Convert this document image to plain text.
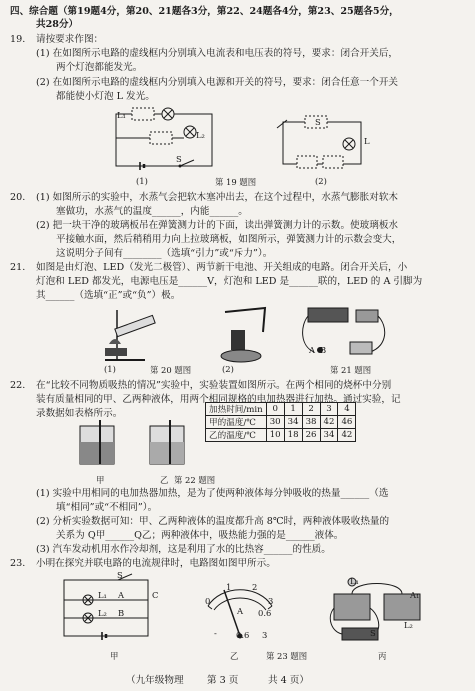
四、综合题（第19题4分，第20、21题各3分，第22、24题各4分，第23、25题各5分，
共28分）
19. 请按要求作图：
(1) 在如图所示电路的虚线框内分别填入电流表和电压表的符号，要求：闭合开关后，
两个灯泡都能发光。
(2) 在如图所示电路的虚线框内分别填入电源和开关的符号，要求：闭合任意一个开关
都能使小灯泡 L 发光。
L₁
L₂
S
S
L
(1)	第 19 题图	(2)
20. (1) 如图所示的实验中，水蒸气会把软木塞冲出去，在这个过程中，水蒸气膨胀对软木
塞做功，水蒸气的温度______，内能______。
(2) 把一块干净的玻璃板吊在弹簧测力计的下面，读出弹簧测力计的示数。使玻璃板水
平接触水面，然后稍稍用力向上拉玻璃板，如图所示，弹簧测力计的示数会变大，
这说明分子间有________（选填“引力”或“斥力”）。
21. 如图是由灯泡、LED（发光二极管）、两节新干电池、开关组成的电路。闭合开关后，小
灯泡和 LED 都发光，电源电压是______V，灯泡和 LED 是______联的，LED 的 A 引脚为
其______（选填“正”或“负”）极。
A B
(1)	第 20 题图	(2)	第 21 题图
22. 在“比较不同物质吸热的情况”实验中，实验装置如图所示。在两个相同的烧杯中分别
装有质量相同的甲、乙两种液体，用两个相同规格的电加热器进行加热。通过实验，记
录数据如表格所示。
甲	乙 第 22 题图
加热时间/min	0	1	2	3	4
甲的温度/℃	30	34	38	42	46
乙的温度/℃	10	18	26	34	42
(1) 实验中用相同的电加热器加热，是为了使两种液体每分钟吸收的热量______（选
填“相同”或“不相同”）。
(2) 分析实验数据可知：甲、乙两种液体的温度都升高 8℃时，两种液体吸收热量的
关系为 Q甲______Q乙；两种液体中，吸热能力强的是______液体。
(3) 汽车发动机用水作冷却剂，这是利用了水的比热容______的性质。
23. 小明在探究并联电路的电流规律时，电路图如图甲所示。
S
L₁ A	C
L₂ B
0
1 2
3
A 0.6
- 0.6 3
L₁
A₁
L₂
S
甲	乙	第 23 题图	丙
（九年级物理 第 3 页	共 4 页）
